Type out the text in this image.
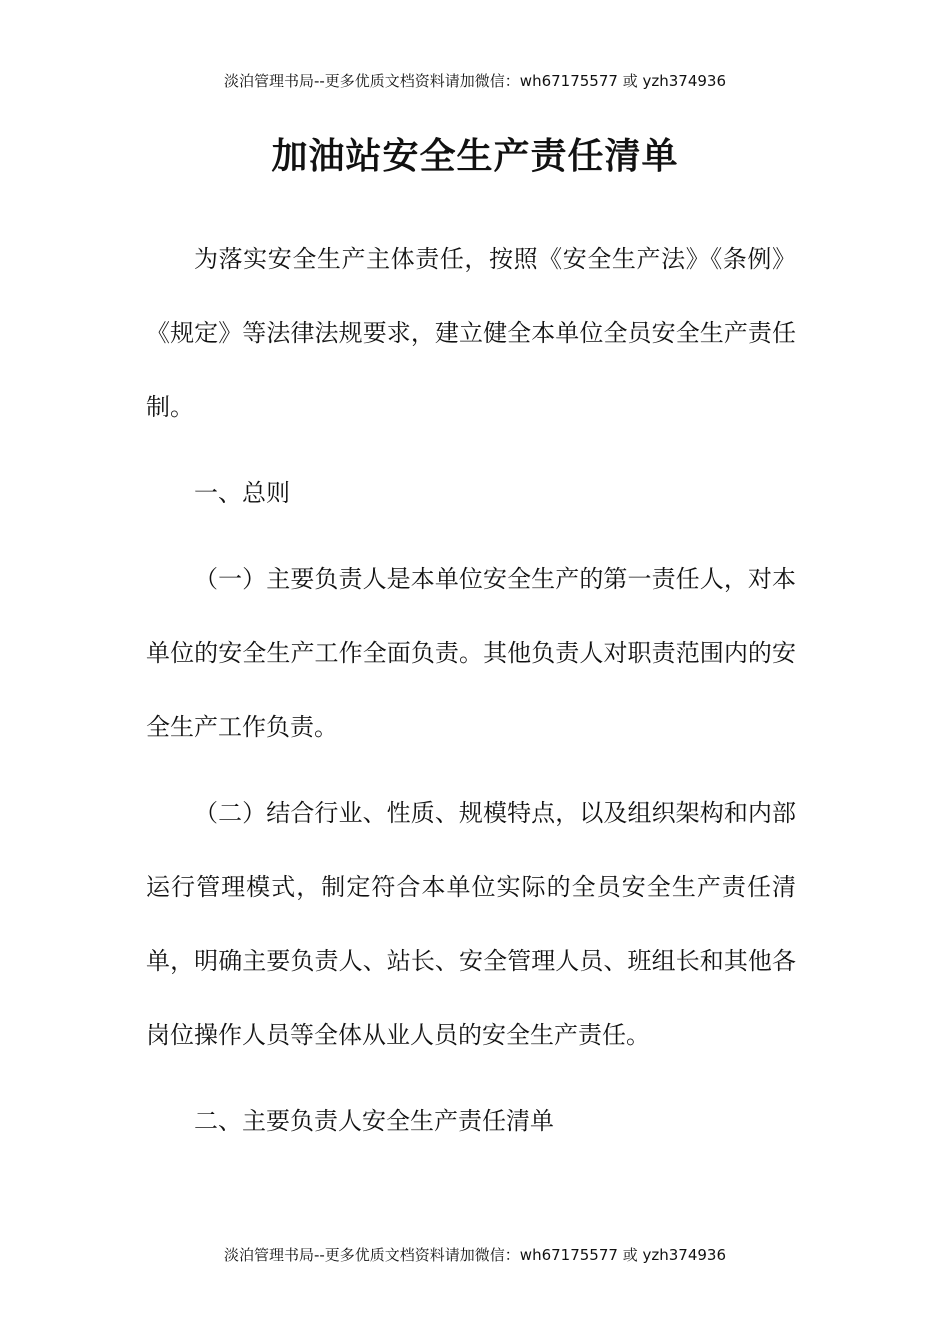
淡泊管理书局--更多优质文档资料请加微信：wh67175577 或 yzh374936
加油站安全生产责任清单

为落实安全生产主体责任，按照《安全生产法》《条例》《规定》等法律法规要求，建立健全本单位全员安全生产责任制。

一、总则

（一）主要负责人是本单位安全生产的第一责任人，对本单位的安全生产工作全面负责。其他负责人对职责范围内的安全生产工作负责。

（二）结合行业、性质、规模特点，以及组织架构和内部运行管理模式，制定符合本单位实际的全员安全生产责任清单，明确主要负责人、站长、安全管理人员、班组长和其他各岗位操作人员等全体从业人员的安全生产责任。

二、主要负责人安全生产责任清单

淡泊管理书局--更多优质文档资料请加微信：wh67175577 或 yzh374936
